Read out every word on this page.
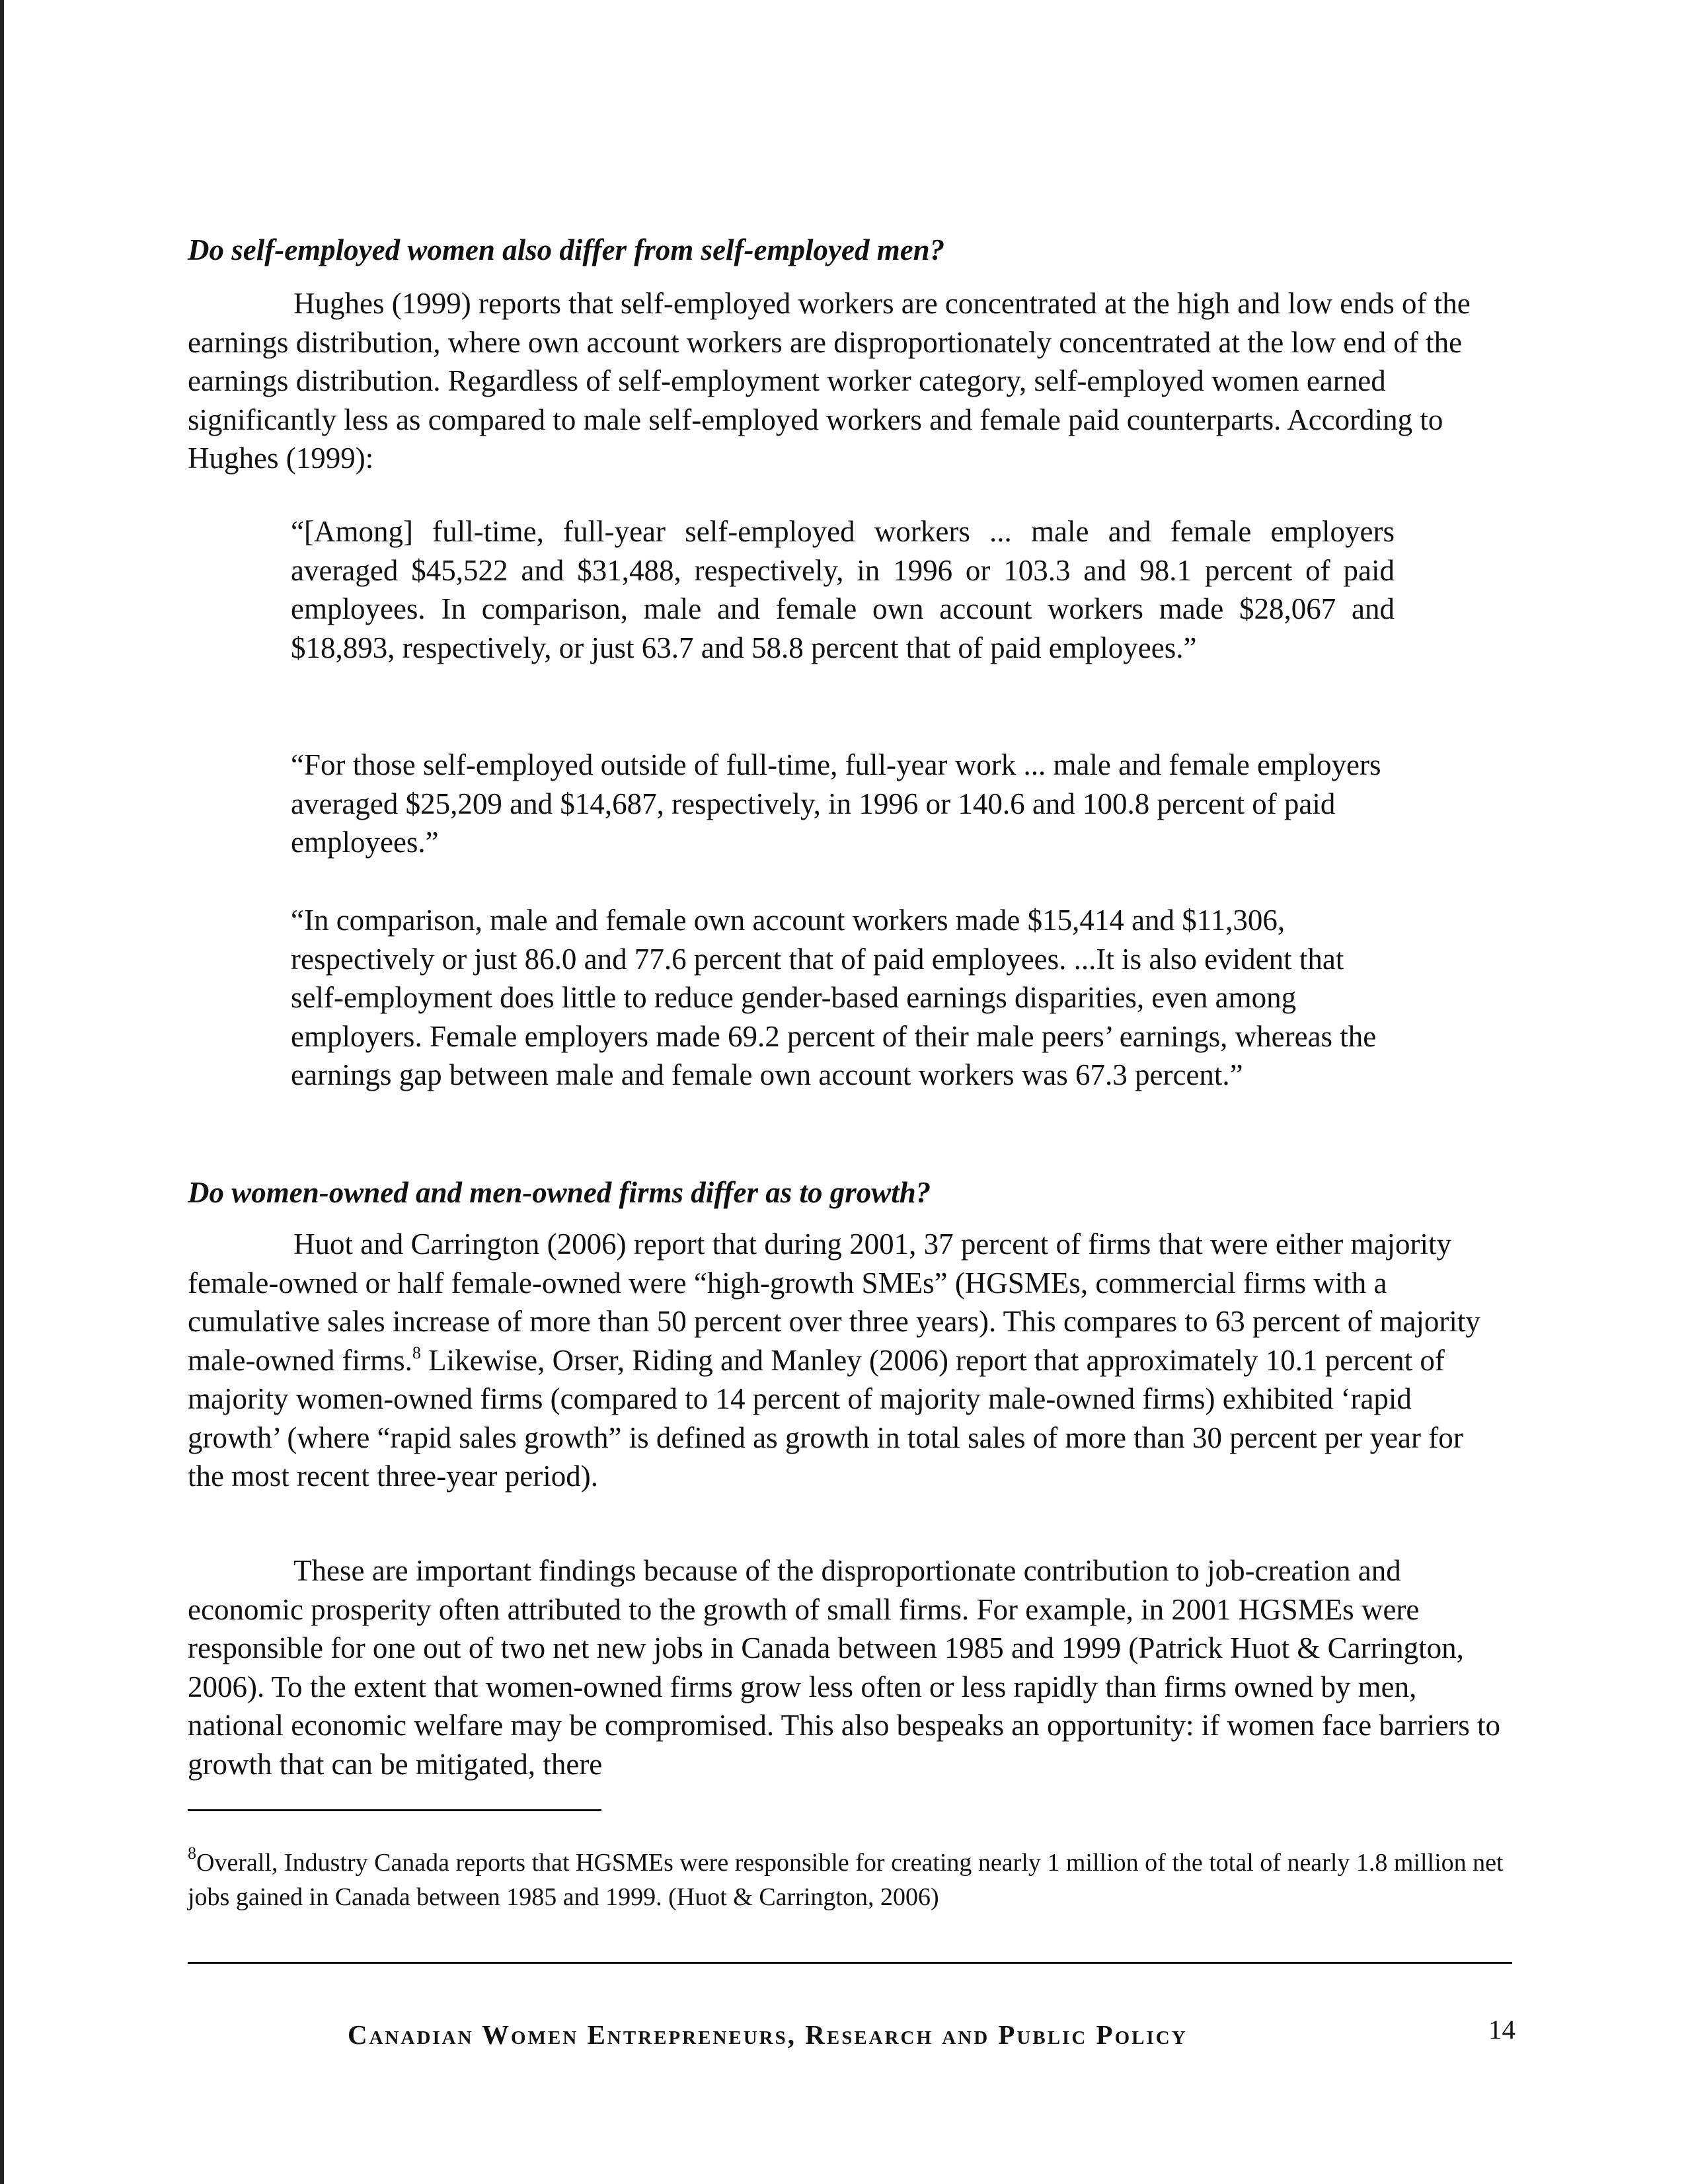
Do self-employed women also differ from self-employed men?

Hughes (1999) reports that self-employed workers are concentrated at the high and low ends of the earnings distribution, where own account workers are disproportionately concentrated at the low end of the earnings distribution. Regardless of self-employment worker category, self-employed women earned significantly less as compared to male self-employed workers and female paid counterparts. According to Hughes (1999):

“[Among] full-time, full-year self-employed workers ... male and female employers averaged $45,522 and $31,488, respectively, in 1996 or 103.3 and 98.1 percent of paid employees. In comparison, male and female own account workers made $28,067 and $18,893, respectively, or just 63.7 and 58.8 percent that of paid employees.”

“For those self-employed outside of full-time, full-year work ... male and female employers averaged $25,209 and $14,687, respectively, in 1996 or 140.6 and 100.8 percent of paid employees.”

“In comparison, male and female own account workers made $15,414 and $11,306, respectively or just 86.0 and 77.6 percent that of paid employees. ...It is also evident that self-employment does little to reduce gender-based earnings disparities, even among employers. Female employers made 69.2 percent of their male peers’ earnings, whereas the earnings gap between male and female own account workers was 67.3 percent.”

Do women-owned and men-owned firms differ as to growth?

Huot and Carrington (2006) report that during 2001, 37 percent of firms that were either majority female-owned or half female-owned were “high-growth SMEs” (HGSMEs, commercial firms with a cumulative sales increase of more than 50 percent over three years). This compares to 63 percent of majority male-owned firms.$^8$ Likewise, Orser, Riding and Manley (2006) report that approximately 10.1 percent of majority women-owned firms (compared to 14 percent of majority male-owned firms) exhibited ‘rapid growth’ (where “rapid sales growth” is defined as growth in total sales of more than 30 percent per year for the most recent three-year period).

These are important findings because of the disproportionate contribution to job-creation and economic prosperity often attributed to the growth of small firms. For example, in 2001 HGSMEs were responsible for one out of two net new jobs in Canada between 1985 and 1999 (Patrick Huot & Carrington, 2006). To the extent that women-owned firms grow less often or less rapidly than firms owned by men, national economic welfare may be compromised. This also bespeaks an opportunity: if women face barriers to growth that can be mitigated, there

$^8$Overall, Industry Canada reports that HGSMEs were responsible for creating nearly 1 million of the total of nearly 1.8 million net jobs gained in Canada between 1985 and 1999. (Huot & Carrington, 2006)

Canadian Women Entrepreneurs, Research and Public Policy	14
